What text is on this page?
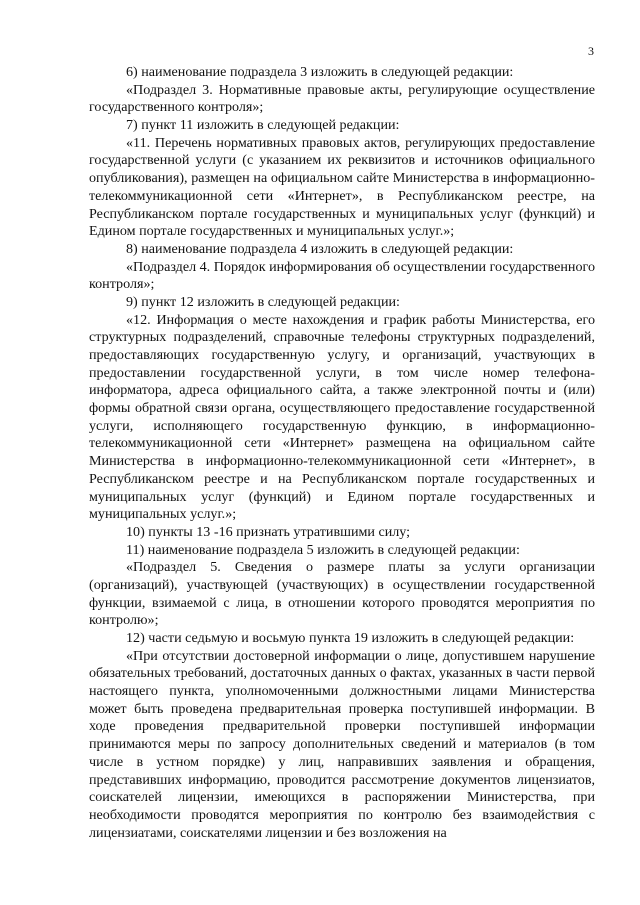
3

6) наименование подраздела 3 изложить в следующей редакции:

«Подраздел 3. Нормативные правовые акты, регулирующие осуществление государственного контроля»;

7) пункт 11 изложить в следующей редакции:

«11. Перечень нормативных правовых актов, регулирующих предоставление государственной услуги (с указанием их реквизитов и источников официального опубликования), размещен на официальном сайте Министерства в информационно-телекоммуникационной сети «Интернет», в Республиканском реестре, на Республиканском портале государственных и муниципальных услуг (функций) и Едином портале государственных и муниципальных услуг.»;

8) наименование подраздела 4 изложить в следующей редакции:

«Подраздел 4. Порядок информирования об осуществлении государственного контроля»;

9) пункт 12 изложить в следующей редакции:

«12. Информация о месте нахождения и график работы Министерства, его структурных подразделений, справочные телефоны структурных подразделений, предоставляющих государственную услугу, и организаций, участвующих в предоставлении государственной услуги, в том числе номер телефона-информатора, адреса официального сайта, а также электронной почты и (или) формы обратной связи органа, осуществляющего предоставление государственной услуги, исполняющего государственную функцию, в информационно-телекоммуникационной сети «Интернет» размещена на официальном сайте Министерства в информационно-телекоммуникационной сети «Интернет», в Республиканском реестре и на Республиканском портале государственных и муниципальных услуг (функций) и Едином портале государственных и муниципальных услуг.»;

10) пункты 13 -16 признать утратившими силу;

11) наименование подраздела 5 изложить в следующей редакции:

«Подраздел 5. Сведения о размере платы за услуги организации (организаций), участвующей (участвующих) в осуществлении государственной функции, взимаемой с лица, в отношении которого проводятся мероприятия по контролю»;

12) части седьмую и восьмую пункта 19 изложить в следующей редакции:

«При отсутствии достоверной информации о лице, допустившем нарушение обязательных требований, достаточных данных о фактах, указанных в части первой настоящего пункта, уполномоченными должностными лицами Министерства может быть проведена предварительная проверка поступившей информации. В ходе проведения предварительной проверки поступившей информации принимаются меры по запросу дополнительных сведений и материалов (в том числе в устном порядке) у лиц, направивших заявления и обращения, представивших информацию, проводится рассмотрение документов лицензиатов, соискателей лицензии, имеющихся в распоряжении Министерства, при необходимости проводятся мероприятия по контролю без взаимодействия с лицензиатами, соискателями лицензии и без возложения на
